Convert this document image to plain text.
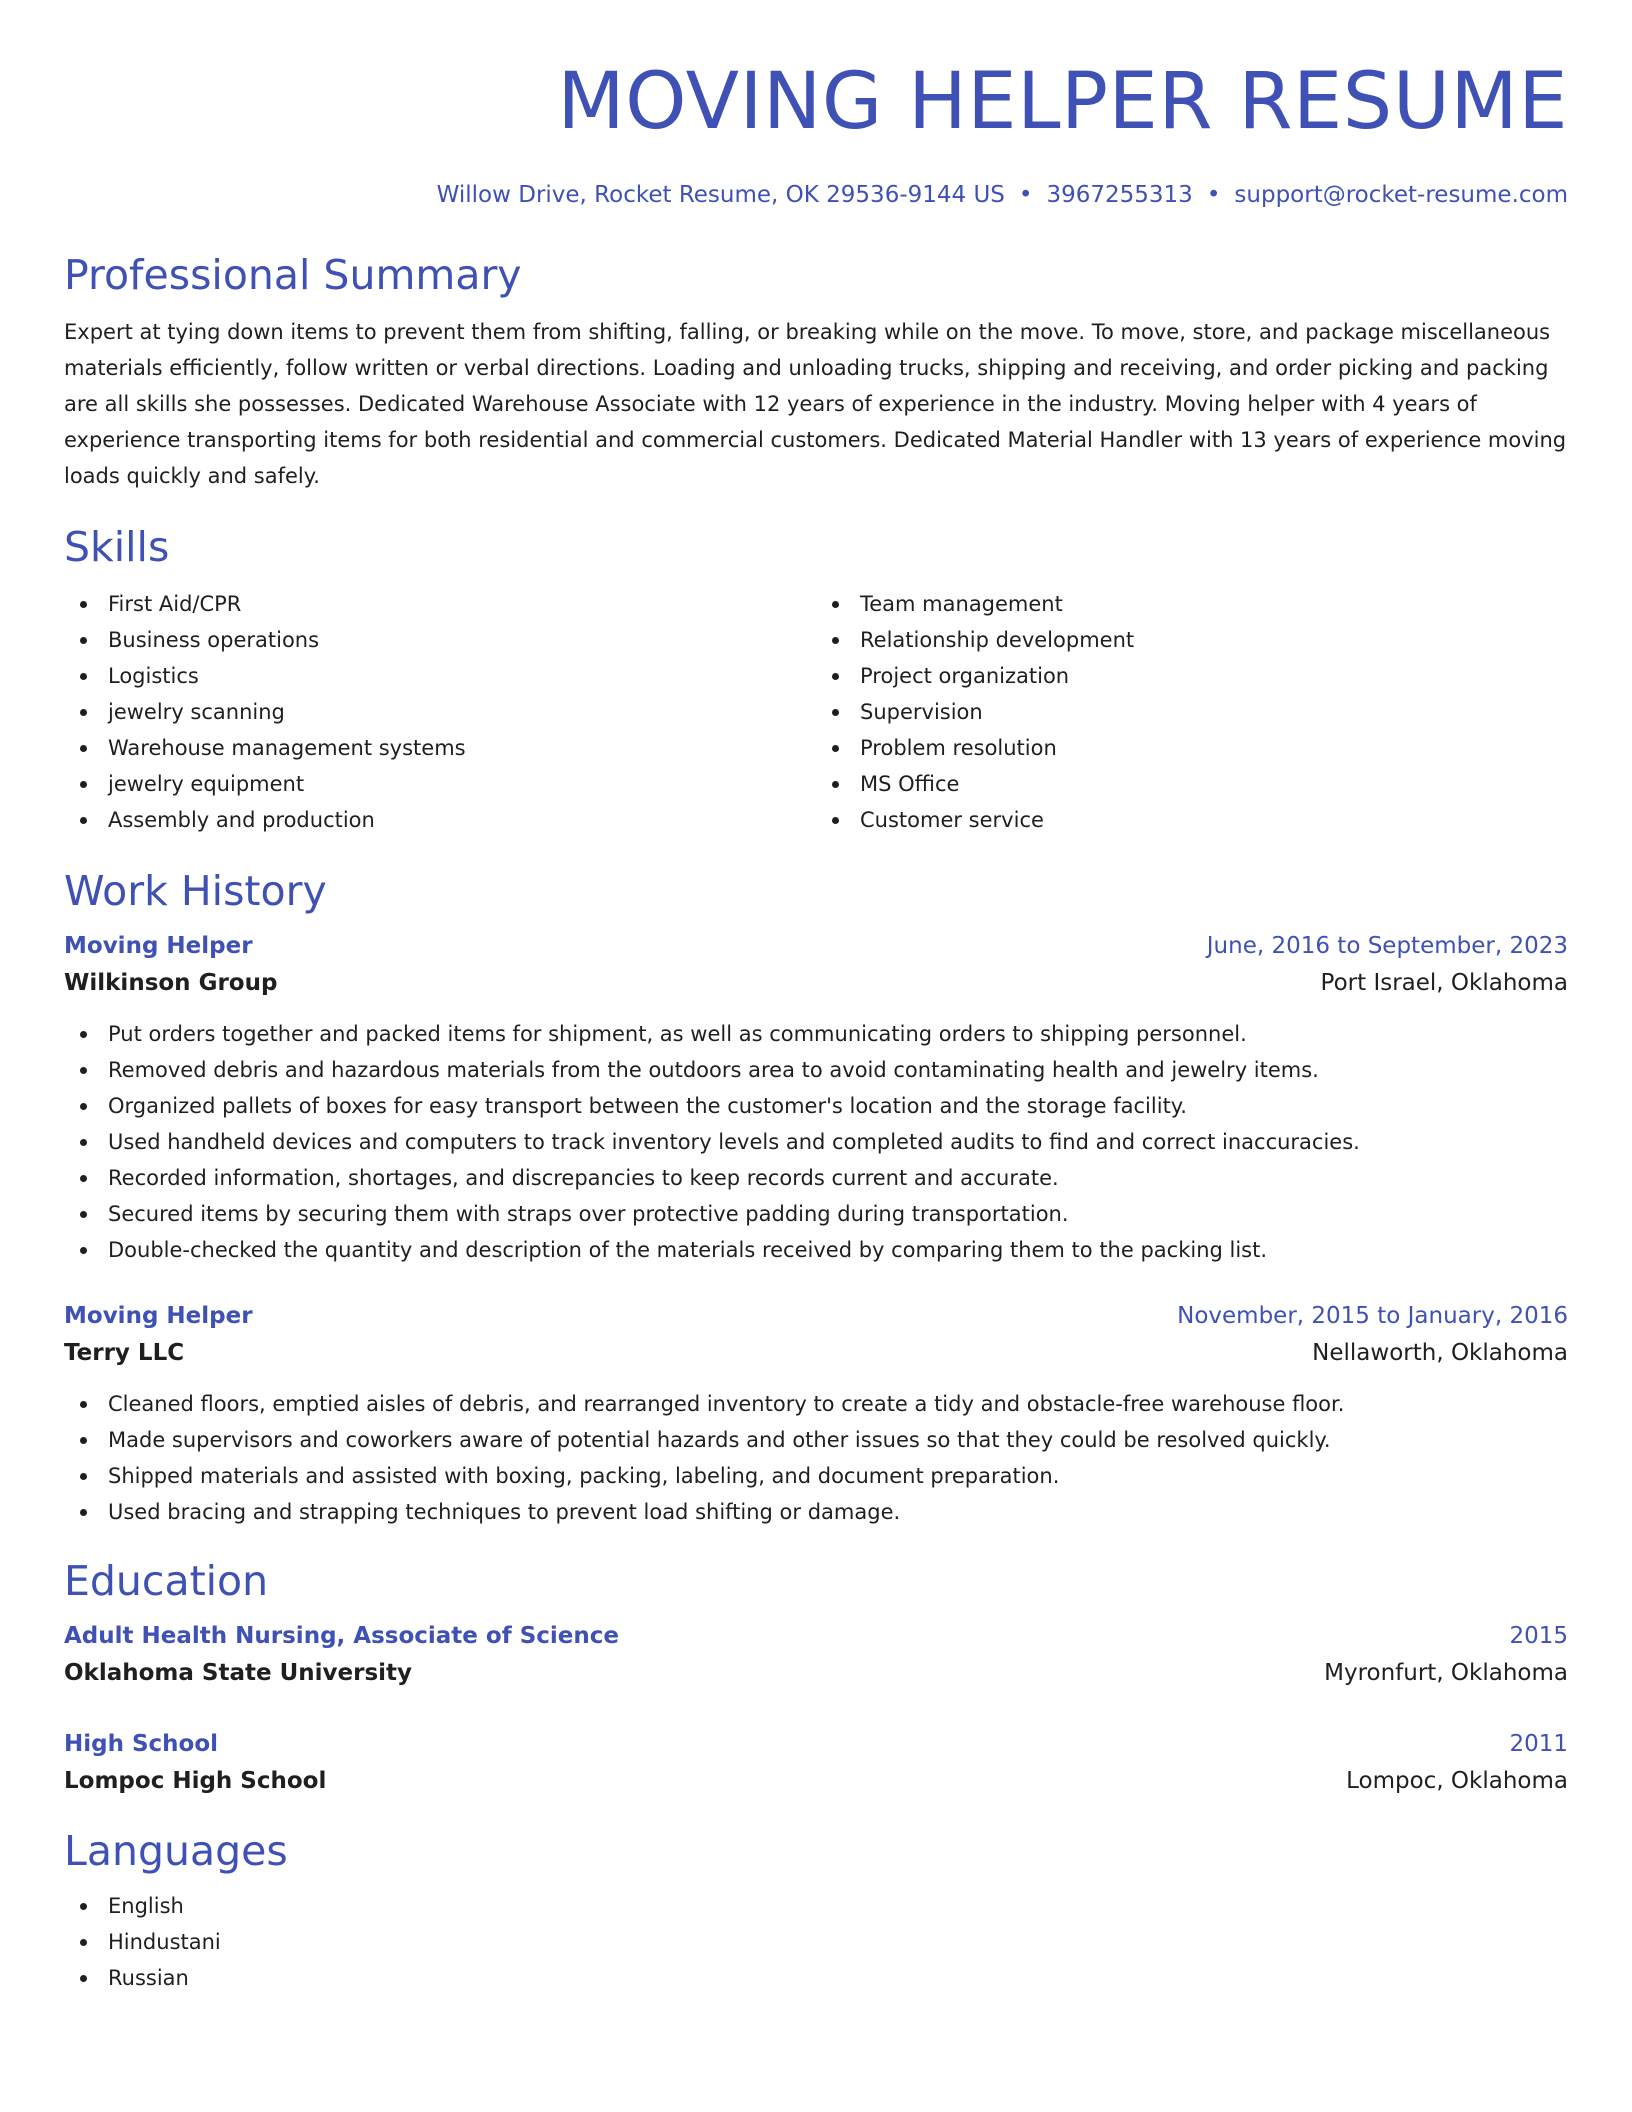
MOVING HELPER RESUME
Willow Drive, Rocket Resume, OK 29536-9144 US • 3967255313 • support@rocket-resume.com
Professional Summary

Expert at tying down items to prevent them from shifting, falling, or breaking while on the move. To move, store, and package miscellaneous materials efficiently, follow written or verbal directions. Loading and unloading trucks, shipping and receiving, and order picking and packing are all skills she possesses. Dedicated Warehouse Associate with 12 years of experience in the industry. Moving helper with 4 years of experience transporting items for both residential and commercial customers. Dedicated Material Handler with 13 years of experience moving loads quickly and safely.

Skills
First Aid/CPR
Business operations
Logistics
jewelry scanning
Warehouse management systems
jewelry equipment
Assembly and production
Team management
Relationship development
Project organization
Supervision
Problem resolution
MS Office
Customer service
Work History
Moving Helper	June, 2016 to September, 2023
Wilkinson Group	Port Israel, Oklahoma
Put orders together and packed items for shipment, as well as communicating orders to shipping personnel.
Removed debris and hazardous materials from the outdoors area to avoid contaminating health and jewelry items.
Organized pallets of boxes for easy transport between the customer's location and the storage facility.
Used handheld devices and computers to track inventory levels and completed audits to find and correct inaccuracies.
Recorded information, shortages, and discrepancies to keep records current and accurate.
Secured items by securing them with straps over protective padding during transportation.
Double-checked the quantity and description of the materials received by comparing them to the packing list.
Moving Helper	November, 2015 to January, 2016
Terry LLC	Nellaworth, Oklahoma
Cleaned floors, emptied aisles of debris, and rearranged inventory to create a tidy and obstacle-free warehouse floor.
Made supervisors and coworkers aware of potential hazards and other issues so that they could be resolved quickly.
Shipped materials and assisted with boxing, packing, labeling, and document preparation.
Used bracing and strapping techniques to prevent load shifting or damage.
Education
Adult Health Nursing, Associate of Science	2015
Oklahoma State University	Myronfurt, Oklahoma
High School	2011
Lompoc High School	Lompoc, Oklahoma
Languages
English
Hindustani
Russian
